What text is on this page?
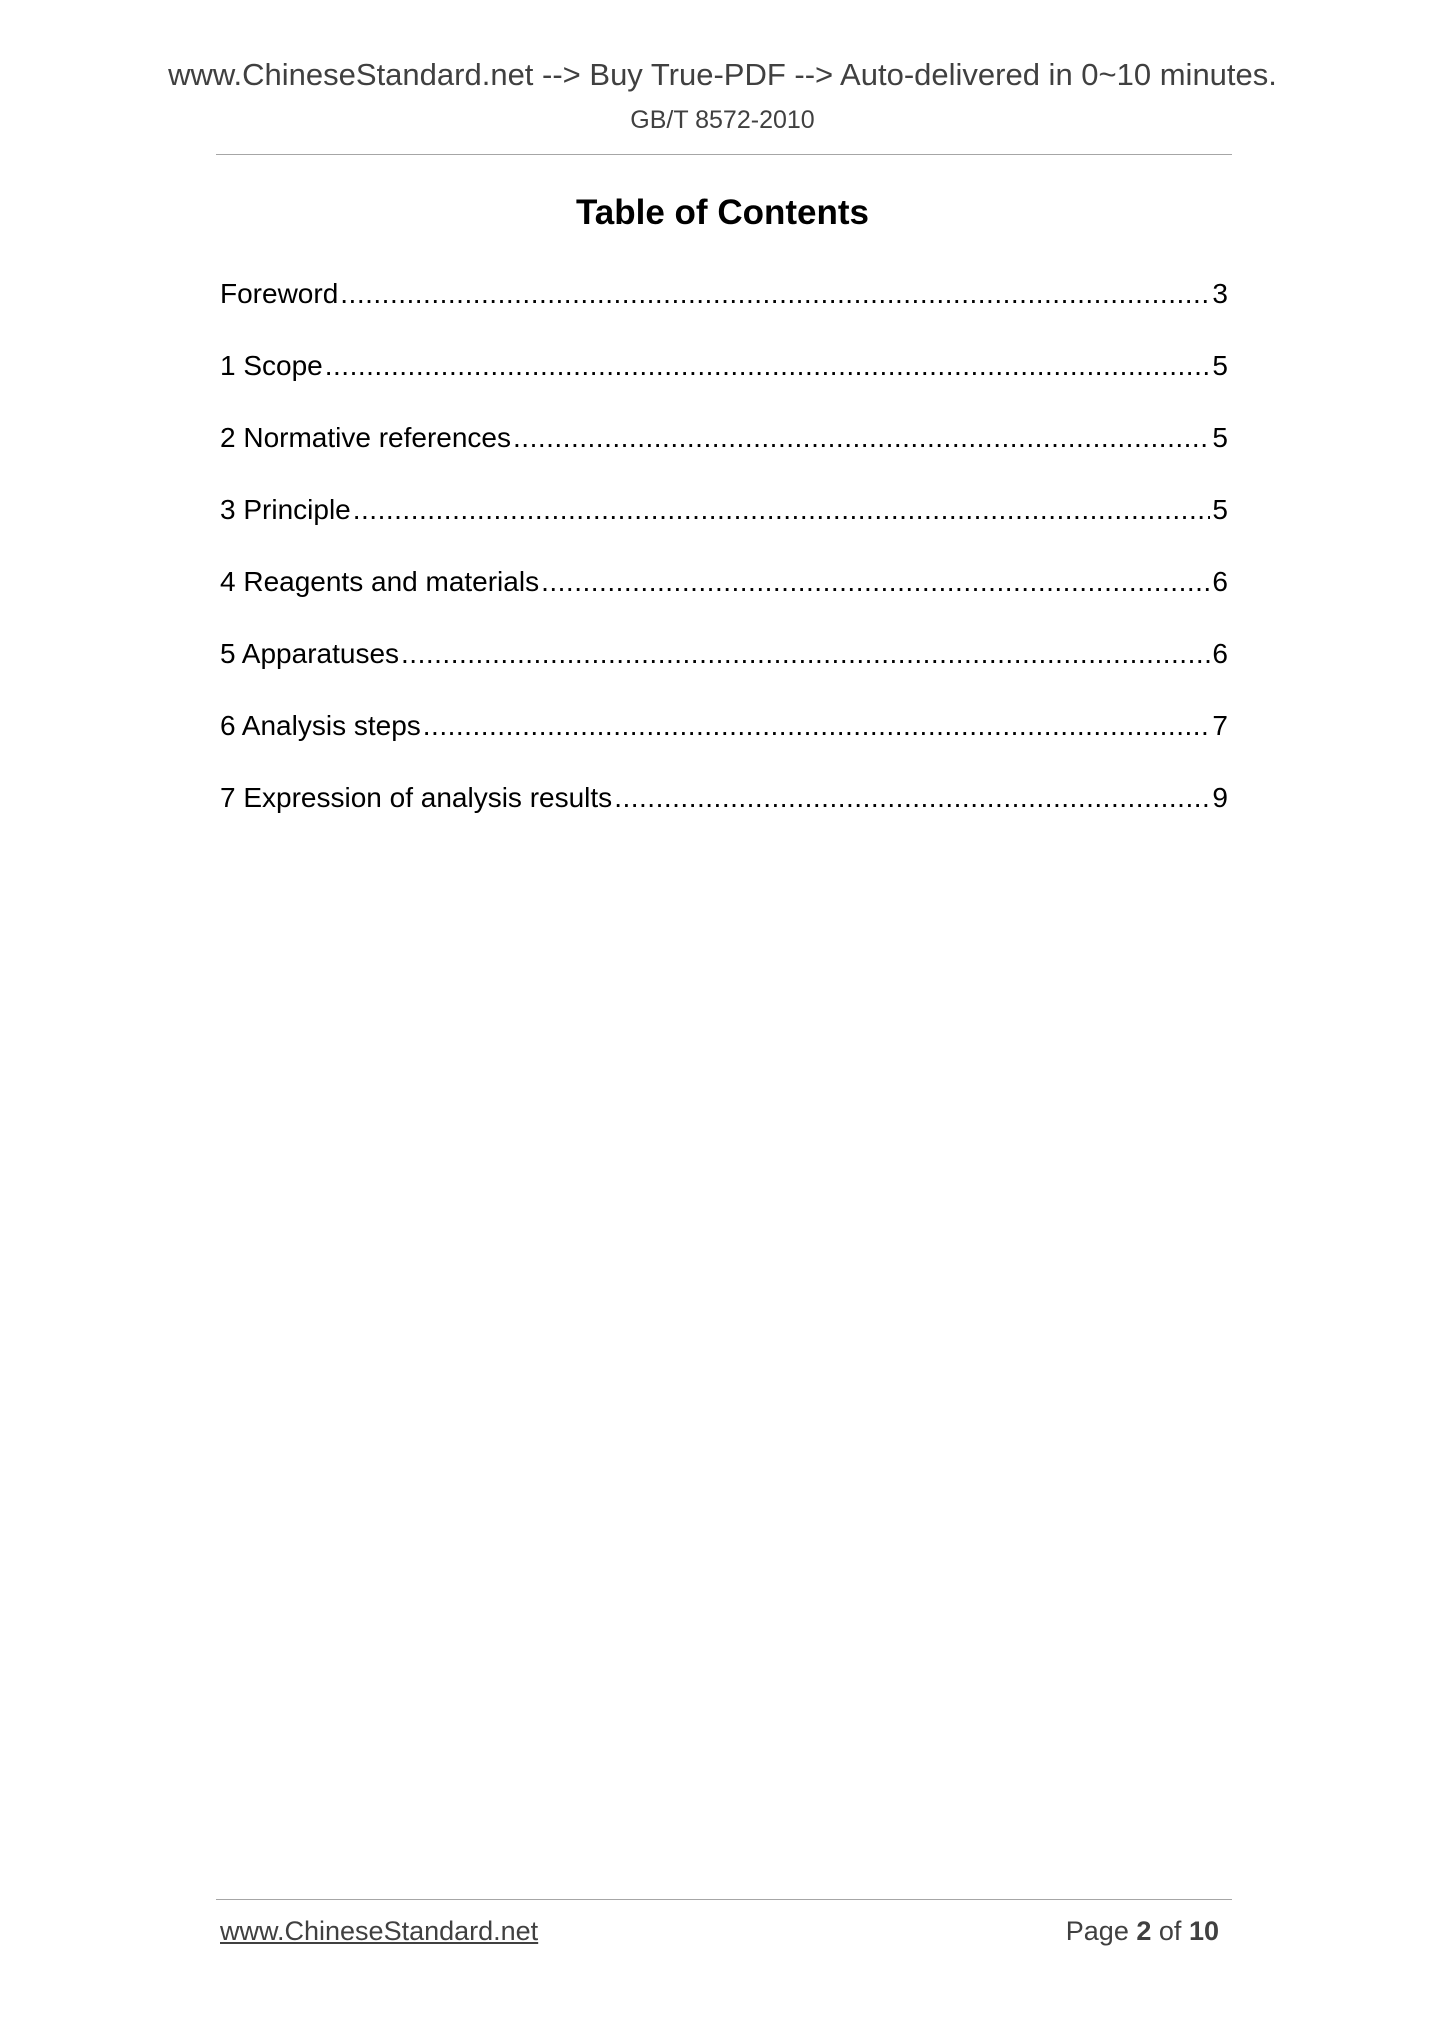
www.ChineseStandard.net --> Buy True-PDF --> Auto-delivered in 0~10 minutes.
GB/T 8572-2010
Table of Contents
Foreword .....	3
1 Scope .....	5
2 Normative references .....	5
3 Principle .....	5
4 Reagents and materials .....	6
5 Apparatuses .....	6
6 Analysis steps .....	7
7 Expression of analysis results .....	9
www.ChineseStandard.net	Page 2 of 10
